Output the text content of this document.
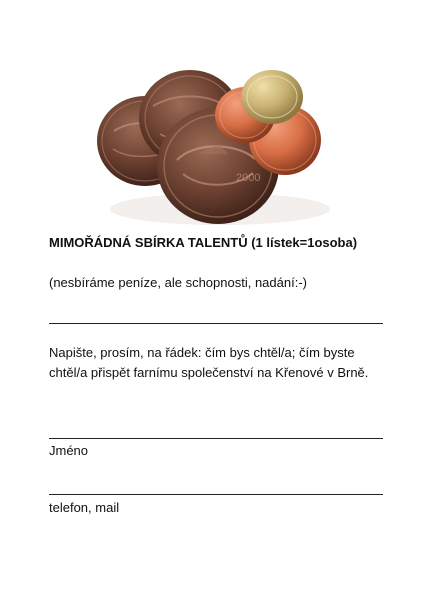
2000
MIMOŘÁDNÁ SBÍRKA TALENTŮ (1 lístek=1osoba)
(nesbíráme peníze, ale schopnosti, nadání:-)
Napište, prosím, na řádek: čím bys chtěl/a; čím byste chtěl/a přispět farnímu společenství na Křenové v Brně.
Jméno
telefon, mail
